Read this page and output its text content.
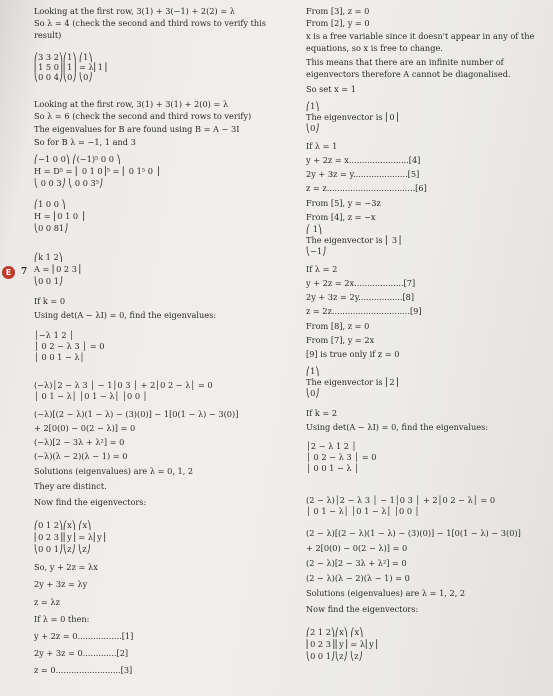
Looking at the first row, 3(1) + 3(−1) + 2(2) = λ
So λ = 4 (check the second and third rows to verify this
result)
⎛3 3 2⎞⎛1⎞ ⎛1⎞
⎜1 5 0⎟⎜1⎟ = λ⎜1⎟
⎝0 0 4⎠⎝0⎠ ⎝0⎠
Looking at the first row, 3(1) + 3(1) + 2(0) = λ
So λ = 6 (check the second and third rows to verify)
The eigenvalues for B are found using B = A − 3I
So for B λ = −1, 1 and 3
⎛−1 0 0⎞ ⎛(−1)⁵ 0 0 ⎞
H = D⁵ = ⎜ 0 1 0⎟⁵ = ⎜ 0 1⁵ 0 ⎟
⎝ 0 0 3⎠ ⎝ 0 0 3⁵⎠
⎛1 0 0 ⎞
H = ⎜0 1 0 ⎟
⎝0 0 81⎠
⎛k 1 2⎞
A = ⎜0 2 3⎟
⎝0 0 1⎠
If k = 0
Using det(A − λI) = 0, find the eigenvalues:
│−λ 1 2 │
│ 0 2 − λ 3 │ = 0
│ 0 0 1 − λ│
(−λ)│2 − λ 3 │ − 1│0 3 │ + 2│0 2 − λ│ = 0
│ 0 1 − λ│ │0 1 − λ│ │0 0 │
(−λ)[(2 − λ)(1 − λ) − (3)(0)] − 1[0(1 − λ) − 3(0)]
+ 2[0(0) − 0(2 − λ)] = 0
(−λ)[2 − 3λ + λ²] = 0
(−λ)(λ − 2)(λ − 1) = 0
Solutions (eigenvalues) are λ = 0, 1, 2
They are distinct.
Now find the eigenvectors:
⎛0 1 2⎞⎛x⎞ ⎛x⎞
⎜0 2 3⎟⎜y⎟ = λ⎜y⎟
⎝0 0 1⎠⎝z⎠ ⎝z⎠
So, y + 2z = λx
2y + 3z = λy
z = λz
If λ = 0 then:
y + 2z = 0.................[1]
2y + 3z = 0.............[2]
z = 0.........................[3]
From [3], z = 0
From [2], y = 0
x is a free variable since it doesn't appear in any of the
equations, so x is free to change.
This means that there are an infinite number of
eigenvectors therefore A cannot be diagonalised.
So set x = 1
⎛1⎞
The eigenvector is ⎜0⎟
⎝0⎠
If λ = 1
y + 2z = x.......................[4]
2y + 3z = y.....................[5]
z = z..................................[6]
From [5], y = −3z
From [4], z = −x
⎛ 1⎞
The eigenvector is ⎜ 3⎟
⎝−1⎠
If λ = 2
y + 2z = 2x...................[7]
2y + 3z = 2y.................[8]
z = 2z..............................[9]
From [8], z = 0
From [7], y = 2x
[9] is true only if z = 0
⎛1⎞
The eigenvector is ⎜2⎟
⎝0⎠
If k = 2
Using det(A − λI) = 0, find the eigenvalues:
│2 − λ 1 2 │
│ 0 2 − λ 3 │ = 0
│ 0 0 1 − λ │
(2 − λ)│2 − λ 3 │ − 1│0 3 │ + 2│0 2 − λ│ = 0
│ 0 1 − λ│ │0 1 − λ│ │0 0 │
(2 − λ)[(2 − λ)(1 − λ) − (3)(0)] − 1[0(1 − λ) − 3(0)]
+ 2[0(0) − 0(2 − λ)] = 0
(2 − λ)[2 − 3λ + λ²] = 0
(2 − λ)(λ − 2)(λ − 1) = 0
Solutions (eigenvalues) are λ = 1, 2, 2
Now find the eigenvectors:
⎛2 1 2⎞⎛x⎞ ⎛x⎞
⎜0 2 3⎟⎜y⎟ = λ⎜y⎟
⎝0 0 1⎠⎝z⎠ ⎝z⎠
E	7
